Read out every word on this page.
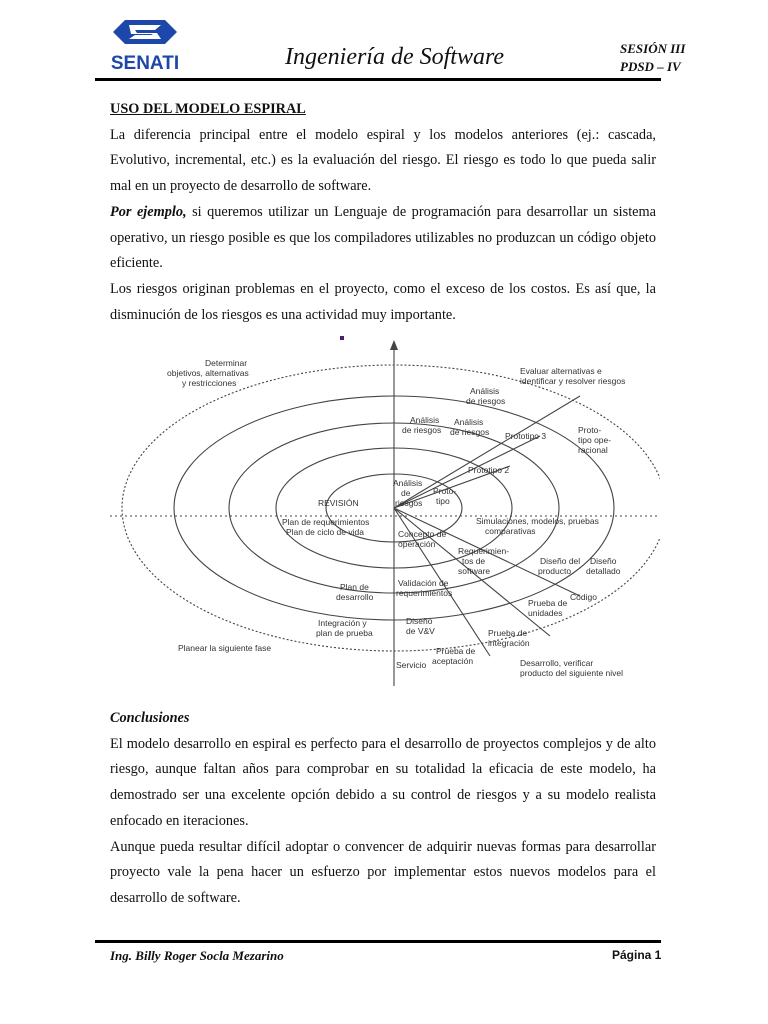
SENATI	Ingeniería de Software	SESIÓN III
PDSD – IV

USO DEL MODELO ESPIRAL

La diferencia principal entre el modelo espiral y los modelos anteriores (ej.: cascada, Evolutivo, incremental, etc.) es la evaluación del riesgo. El riesgo es todo lo que pueda salir mal en un proyecto de desarrollo de software.

Por ejemplo, si queremos utilizar un Lenguaje de programación para desarrollar un sistema operativo, un riesgo posible es que los compiladores utilizables no produzcan un código objeto eficiente.

Los riesgos originan problemas en el proyecto, como el exceso de los costos. Es así que, la disminución de los riesgos es una actividad muy importante.

Determinar objetivos, alternativas y restricciones
Evaluar alternativas e identificar y resolver riesgos
Análisis de riesgos
Análisis de riesgos
Análisis de riesgos
Análisis de riesgos
Proto- tipo ope- racional
Prototipo 3
Prototipo 2
Proto- tipo
REVISIÓN
Plan de requerimientos Plan de ciclo de vida	Concepto de operación
Simulaciones, modelos, pruebas comparativas
Requerimien- tos de software
Diseño del producto
Diseño detallado
Código
Plan de desarrollo
Validación de requerimientos
Prueba de unidades
Integración y plan de prueba
Diseño de V&V	Prueba de integración
Planear la siguiente fase
Servicio
Prueba de aceptación	Desarrollo, verificar producto del siguiente nivel

Conclusiones

El modelo desarrollo en espiral es perfecto para el desarrollo de proyectos complejos y de alto riesgo, aunque faltan años para comprobar en su totalidad la eficacia de este modelo, ha demostrado ser una excelente opción debido a su control de riesgos y a su modelo realista enfocado en iteraciones.

Aunque pueda resultar difícil adoptar o convencer de adquirir nuevas formas para desarrollar proyecto vale la pena hacer un esfuerzo por implementar estos nuevos modelos para el desarrollo de software.

Ing. Billy Roger Socla Mezarino	Página 1
